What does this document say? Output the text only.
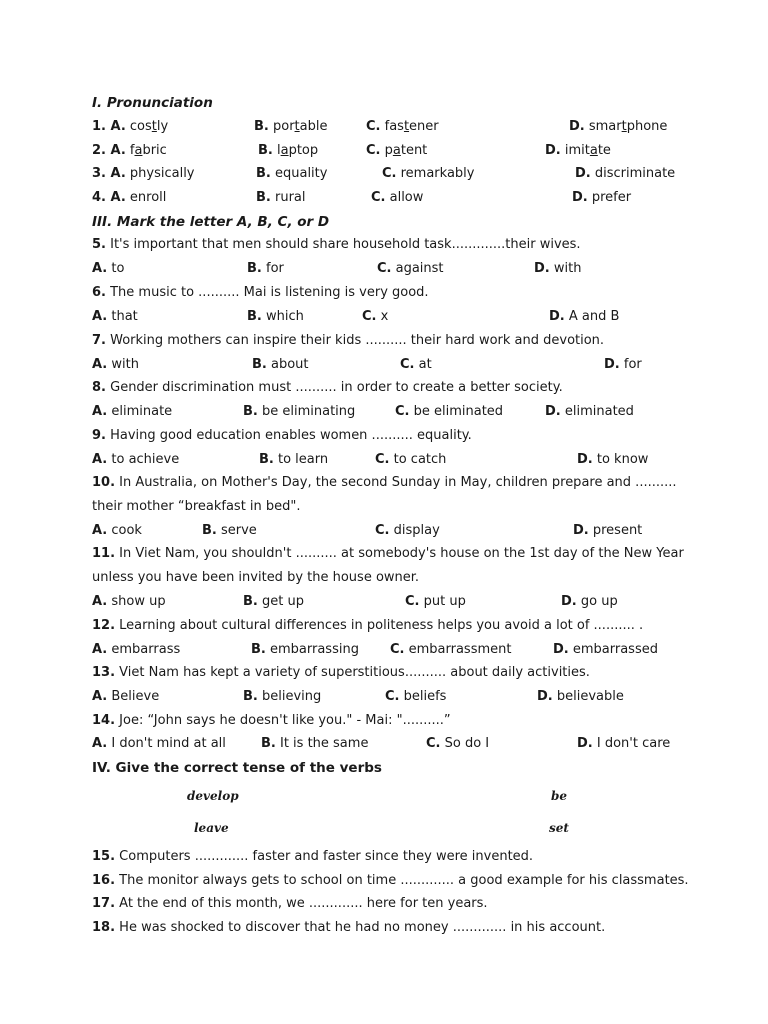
I. Pronunciation
1. A. costly	B. portable	C. fastener	D. smartphone
2. A. fabric	B. laptop	C. patent	D. imitate
3. A. physically	B. equality	C. remarkably	D. discriminate
4. A. enroll	B. rural	C. allow	D. prefer
III. Mark the letter A, B, C, or D
5. It's important that men should share household task.............their wives.
A. to	B. for	C. against	D. with
6. The music to .......... Mai is listening is very good.
A. that	B. which	C. x	D. A and B
7. Working mothers can inspire their kids .......... their hard work and devotion.
A. with	B. about	C. at	D. for
8. Gender discrimination must .......... in order to create a better society.
A. eliminate	B. be eliminating	C. be eliminated	D. eliminated
9. Having good education enables women .......... equality.
A. to achieve	B. to learn	C. to catch	D. to know
10. In Australia, on Mother's Day, the second Sunday in May, children prepare and ..........
their mother “breakfast in bed".
A. cook	B. serve	C. display	D. present
11. In Viet Nam, you shouldn't .......... at somebody's house on the 1st day of the New Year
unless you have been invited by the house owner.
A. show up	B. get up	C. put up	D. go up
12. Learning about cultural differences in politeness helps you avoid a lot of .......... .
A. embarrass	B. embarrassing C. embarrassment	D. embarrassed
13. Viet Nam has kept a variety of superstitious.......... about daily activities.
A. Believe	B. believing	C. beliefs	D. believable
14. Joe: “John says he doesn't like you." - Mai: "..........”
A. I don't mind at all	B. It is the same	C. So do I	D. I don't care
IV. Give the correct tense of the verbs
develop	be
leave	set
15. Computers ............. faster and faster since they were invented.
16. The monitor always gets to school on time ............. a good example for his classmates.
17. At the end of this month, we ............. here for ten years.
18. He was shocked to discover that he had no money ............. in his account.
